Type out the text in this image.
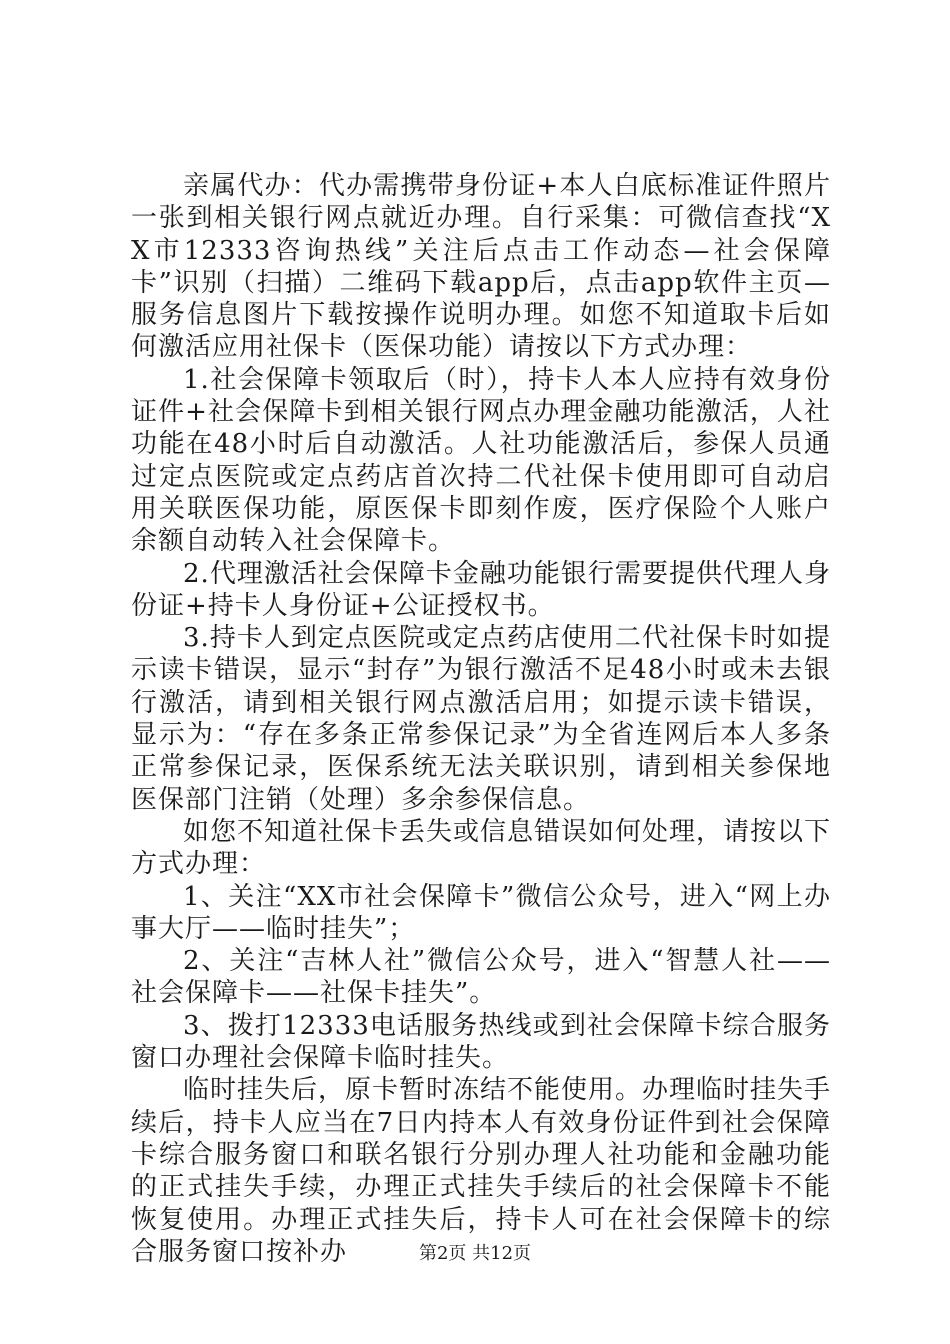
亲属代办：代办需携带身份证+本人白底标准证件照片一张到相关银行网点就近办理。自行采集：可微信查找“XX市12333咨询热线”关注后点击工作动态—社会保障卡”识别（扫描）二维码下载app后，点击app软件主页—服务信息图片下载按操作说明办理。如您不知道取卡后如何激活应用社保卡（医保功能）请按以下方式办理：

1.社会保障卡领取后（时），持卡人本人应持有效身份证件+社会保障卡到相关银行网点办理金融功能激活，人社功能在48小时后自动激活。人社功能激活后，参保人员通过定点医院或定点药店首次持二代社保卡使用即可自动启用关联医保功能，原医保卡即刻作废，医疗保险个人账户余额自动转入社会保障卡。

2.代理激活社会保障卡金融功能银行需要提供代理人身份证+持卡人身份证+公证授权书。

3.持卡人到定点医院或定点药店使用二代社保卡时如提示读卡错误，显示“封存”为银行激活不足48小时或未去银行激活，请到相关银行网点激活启用；如提示读卡错误，显示为：“存在多条正常参保记录”为全省连网后本人多条正常参保记录，医保系统无法关联识别，请到相关参保地医保部门注销（处理）多余参保信息。

如您不知道社保卡丢失或信息错误如何处理，请按以下方式办理：

1、关注“XX市社会保障卡”微信公众号，进入“网上办事大厅——临时挂失”；

2、关注“吉林人社”微信公众号，进入“智慧人社——社会保障卡——社保卡挂失”。

3、拨打12333电话服务热线或到社会保障卡综合服务窗口办理社会保障卡临时挂失。

临时挂失后，原卡暂时冻结不能使用。办理临时挂失手续后，持卡人应当在7日内持本人有效身份证件到社会保障卡综合服务窗口和联名银行分别办理人社功能和金融功能的正式挂失手续，办理正式挂失手续后的社会保障卡不能恢复使用。办理正式挂失后，持卡人可在社会保障卡的综合服务窗口按补办	第2页 共12页
